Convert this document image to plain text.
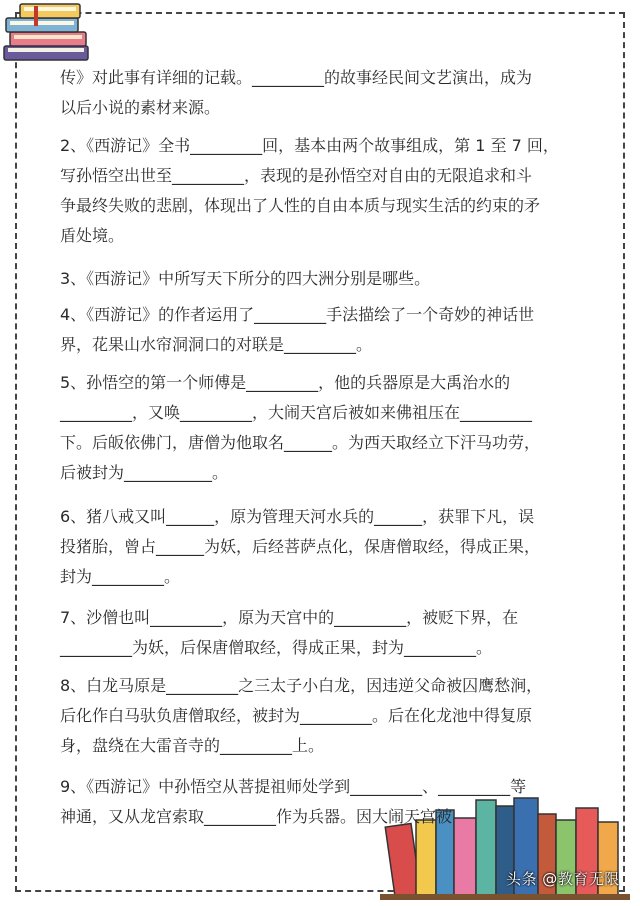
传》对此事有详细的记载。_________的故事经民间文艺演出，成为
以后小说的素材来源。
2、《西游记》全书_________回，基本由两个故事组成，第 1 至 7 回，
写孙悟空出世至_________，表现的是孙悟空对自由的无限追求和斗
争最终失败的悲剧，体现出了人性的自由本质与现实生活的约束的矛
盾处境。
3、《西游记》中所写天下所分的四大洲分别是哪些。
4、《西游记》的作者运用了_________手法描绘了一个奇妙的神话世
界，花果山水帘洞洞口的对联是_________。
5、孙悟空的第一个师傅是_________，他的兵器原是大禹治水的
_________，又唤_________，大闹天宫后被如来佛祖压在_________
下。后皈依佛门，唐僧为他取名______。为西天取经立下汗马功劳，
后被封为___________。
6、猪八戒又叫______，原为管理天河水兵的______，获罪下凡，误
投猪胎，曾占______为妖，后经菩萨点化，保唐僧取经，得成正果，
封为_________。
7、沙僧也叫_________，原为天宫中的_________，被贬下界，在
_________为妖，后保唐僧取经，得成正果，封为_________。
8、白龙马原是_________之三太子小白龙，因违逆父命被囚鹰愁涧，
后化作白马驮负唐僧取经，被封为_________。后在化龙池中得复原
身，盘绕在大雷音寺的_________上。
9、《西游记》中孙悟空从菩提祖师处学到_________、_________等
神通，又从龙宫索取_________作为兵器。因大闹天宫被
头条 @教育无限
